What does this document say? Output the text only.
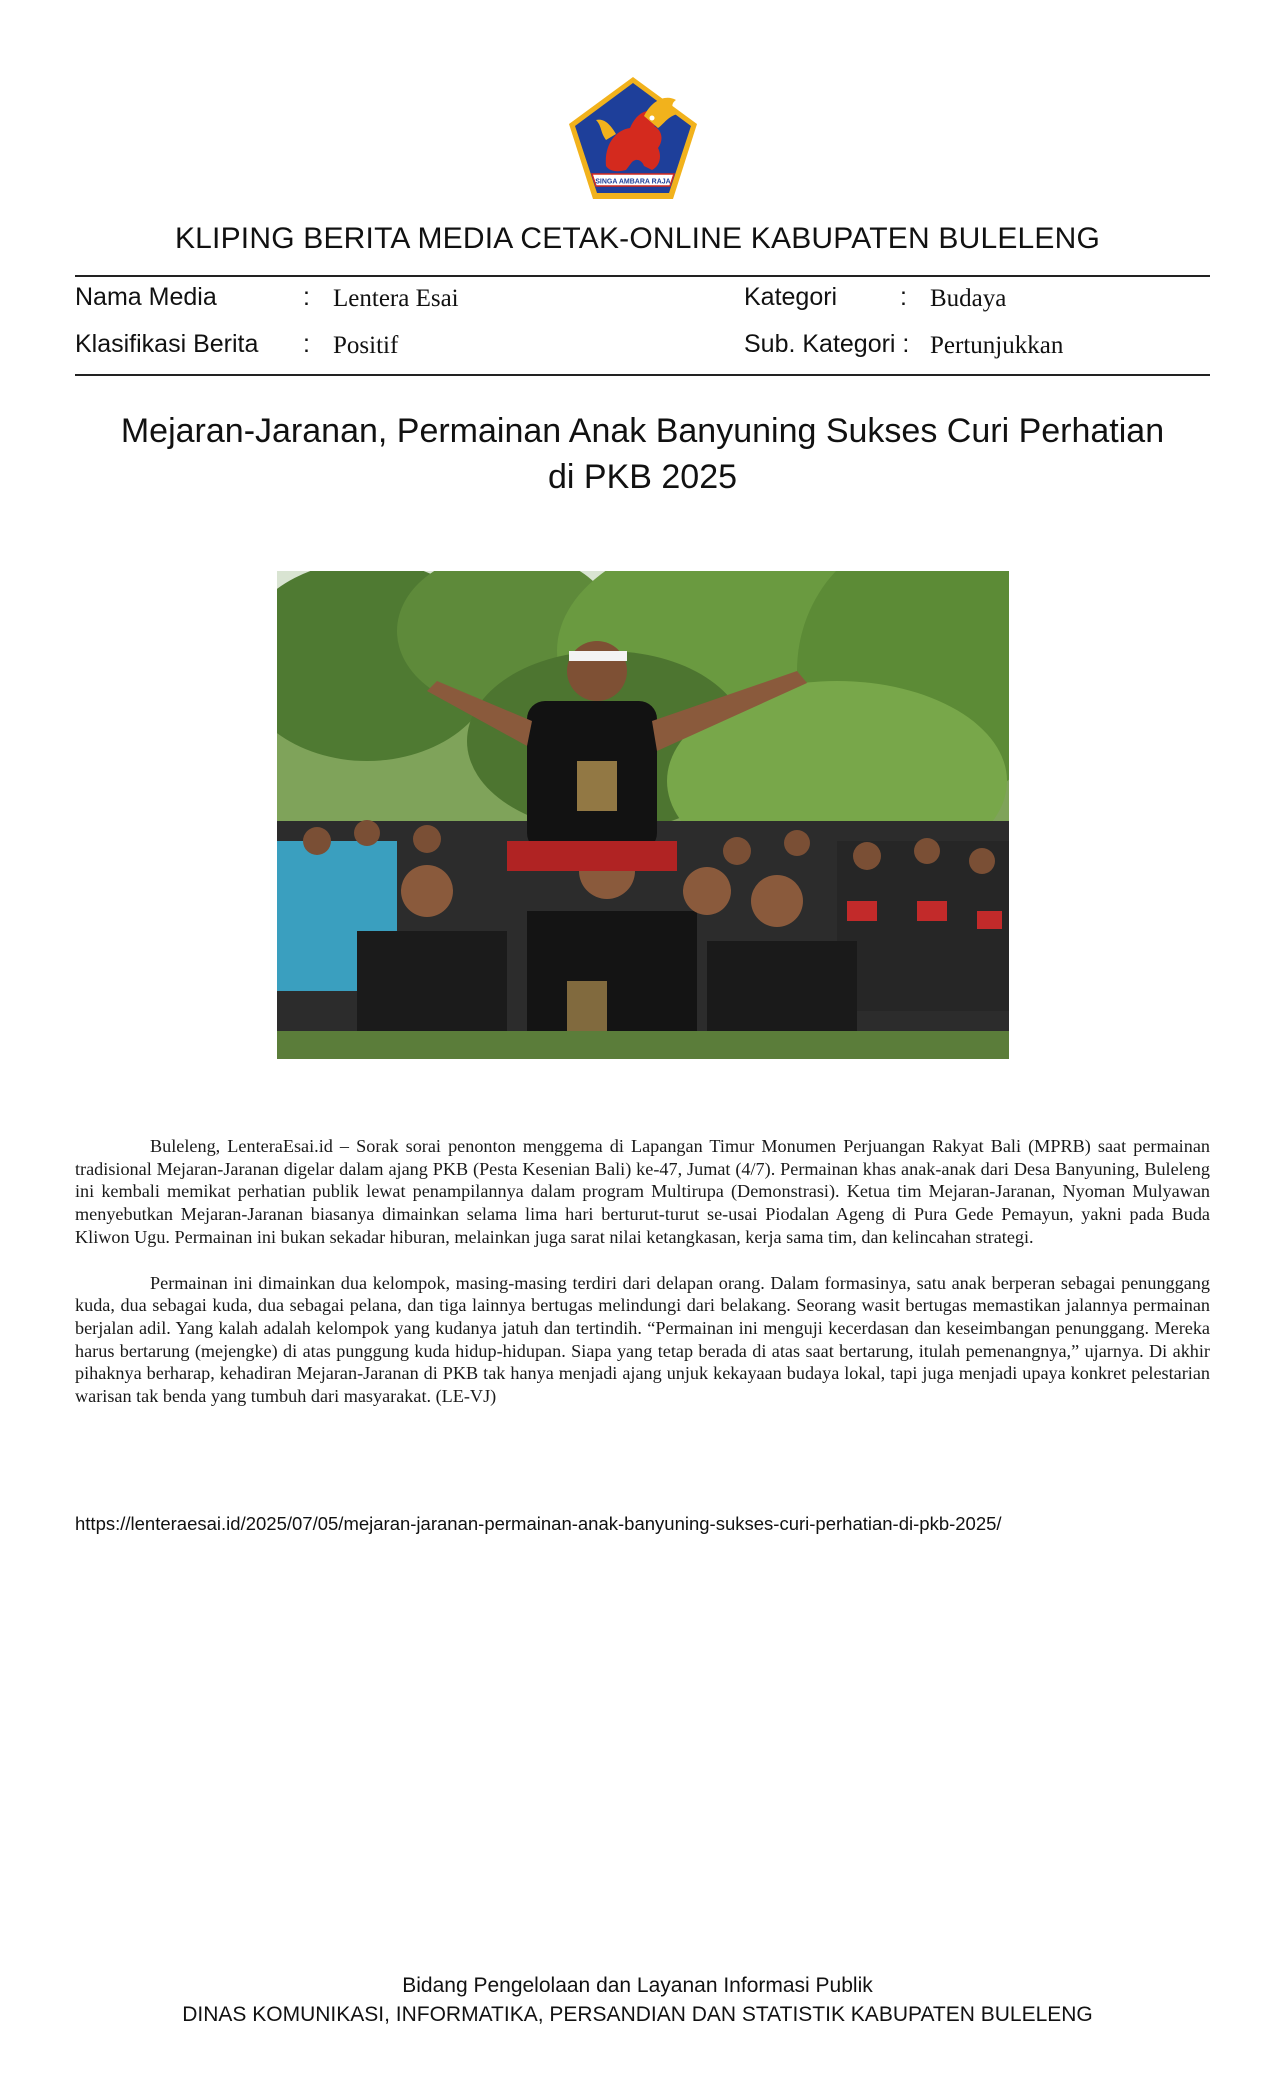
SINGA AMBARA RAJA
KLIPING BERITA MEDIA CETAK-ONLINE KABUPATEN BULELENG
Nama Media	: Lentera Esai
Klasifikasi Berita : Positif
Kategori	: Budaya
Sub. Kategori : Pertunjukkan
Mejaran-Jaranan, Permainan Anak Banyuning Sukses Curi Perhatian
di PKB 2025

Buleleng, LenteraEsai.id – Sorak sorai penonton menggema di Lapangan Timur Monumen Perjuangan Rakyat Bali (MPRB) saat permainan tradisional Mejaran-Jaranan digelar dalam ajang PKB (Pesta Kesenian Bali) ke-47, Jumat (4/7). Permainan khas anak-anak dari Desa Banyuning, Buleleng ini kembali memikat perhatian publik lewat penampilannya dalam program Multirupa (Demonstrasi). Ketua tim Mejaran-Jaranan, Nyoman Mulyawan menyebutkan Mejaran-Jaranan biasanya dimainkan selama lima hari berturut-turut se-usai Piodalan Ageng di Pura Gede Pemayun, yakni pada Buda Kliwon Ugu. Permainan ini bukan sekadar hiburan, melainkan juga sarat nilai ketangkasan, kerja sama tim, dan kelincahan strategi.

Permainan ini dimainkan dua kelompok, masing-masing terdiri dari delapan orang. Dalam formasinya, satu anak berperan sebagai penunggang kuda, dua sebagai kuda, dua sebagai pelana, dan tiga lainnya bertugas melindungi dari belakang. Seorang wasit bertugas memastikan jalannya permainan berjalan adil. Yang kalah adalah kelompok yang kudanya jatuh dan tertindih. “Permainan ini menguji kecerdasan dan keseimbangan penunggang. Mereka harus bertarung (mejengke) di atas punggung kuda hidup-hidupan. Siapa yang tetap berada di atas saat bertarung, itulah pemenangnya,” ujarnya. Di akhir pihaknya berharap, kehadiran Mejaran-Jaranan di PKB tak hanya menjadi ajang unjuk kekayaan budaya lokal, tapi juga menjadi upaya konkret pelestarian warisan tak benda yang tumbuh dari masyarakat. (LE-VJ)

https://lenteraesai.id/2025/07/05/mejaran-jaranan-permainan-anak-banyuning-sukses-curi-perhatian-di-pkb-2025/
Bidang Pengelolaan dan Layanan Informasi Publik
DINAS KOMUNIKASI, INFORMATIKA, PERSANDIAN DAN STATISTIK KABUPATEN BULELENG
